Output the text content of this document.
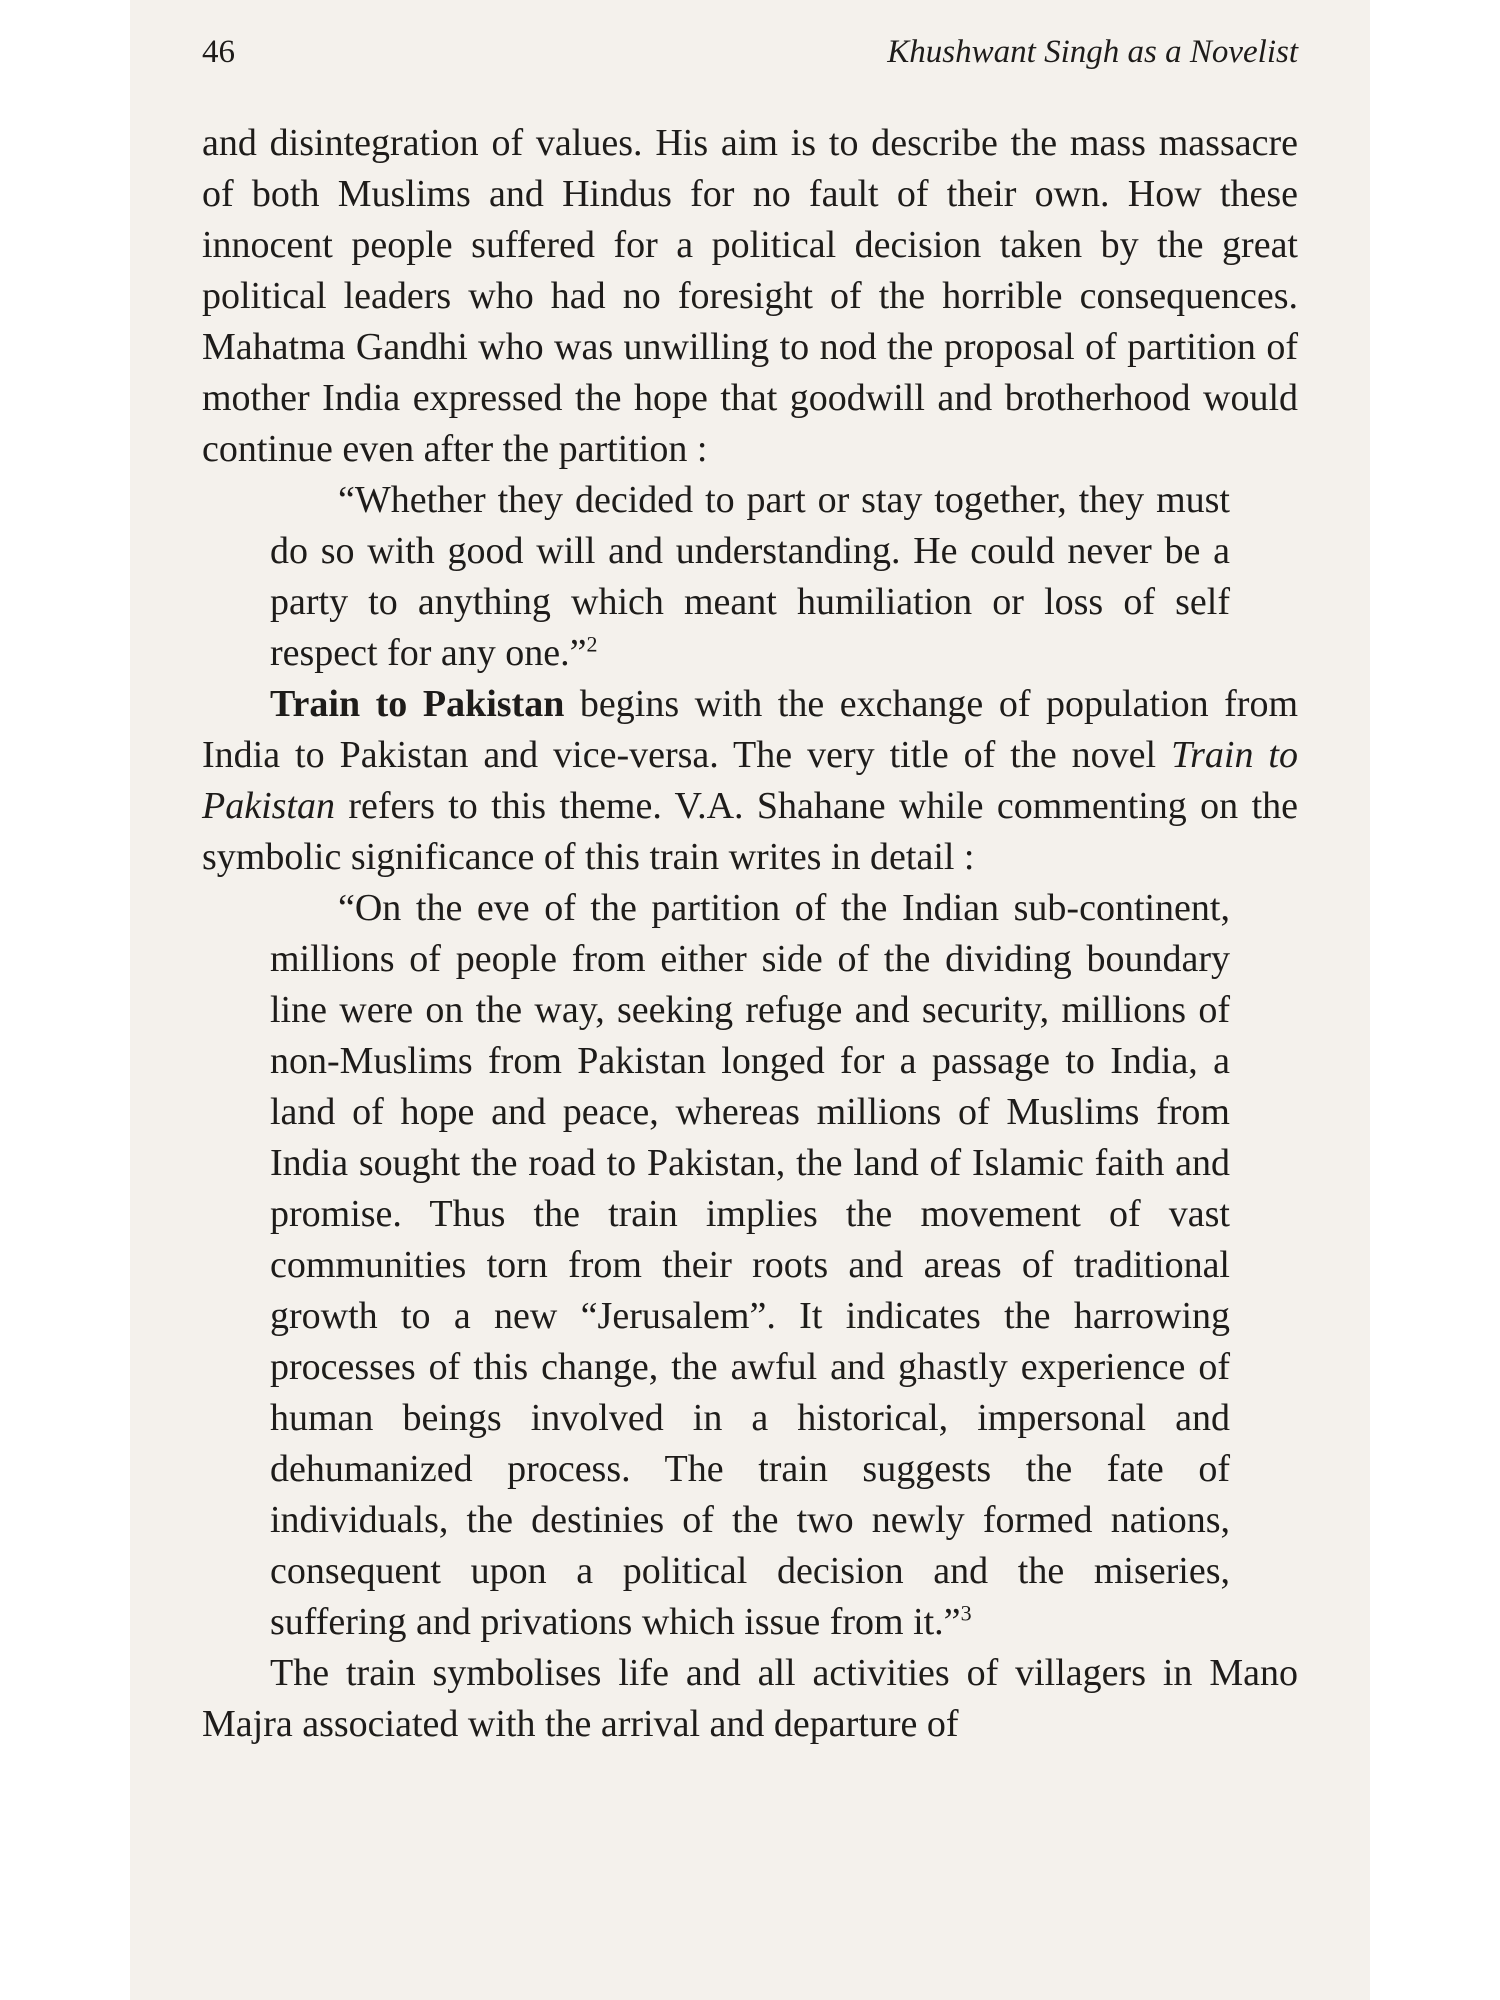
46	Khushwant Singh as a Novelist

and disintegration of values. His aim is to describe the mass massacre of both Muslims and Hindus for no fault of their own. How these innocent people suffered for a political decision taken by the great political leaders who had no foresight of the horrible consequences. Mahatma Gandhi who was unwilling to nod the proposal of partition of mother India expressed the hope that goodwill and brotherhood would continue even after the partition :

“Whether they decided to part or stay together, they must do so with good will and understanding. He could never be a party to anything which meant humiliation or loss of self respect for any one.”$^2$

Train to Pakistan begins with the exchange of population from India to Pakistan and vice-versa. The very title of the novel Train to Pakistan refers to this theme. V.A. Shahane while commenting on the symbolic significance of this train writes in detail :

“On the eve of the partition of the Indian sub-continent, millions of people from either side of the dividing boundary line were on the way, seeking refuge and security, millions of non-Muslims from Pakistan longed for a passage to India, a land of hope and peace, whereas millions of Muslims from India sought the road to Pakistan, the land of Islamic faith and promise. Thus the train implies the movement of vast communities torn from their roots and areas of traditional growth to a new “Jerusalem”. It indicates the harrowing processes of this change, the awful and ghastly experience of human beings involved in a historical, impersonal and dehumanized process. The train suggests the fate of individuals, the destinies of the two newly formed nations, consequent upon a political decision and the miseries, suffering and privations which issue from it.”$^3$

The train symbolises life and all activities of villagers in Mano Majra associated with the arrival and departure of
